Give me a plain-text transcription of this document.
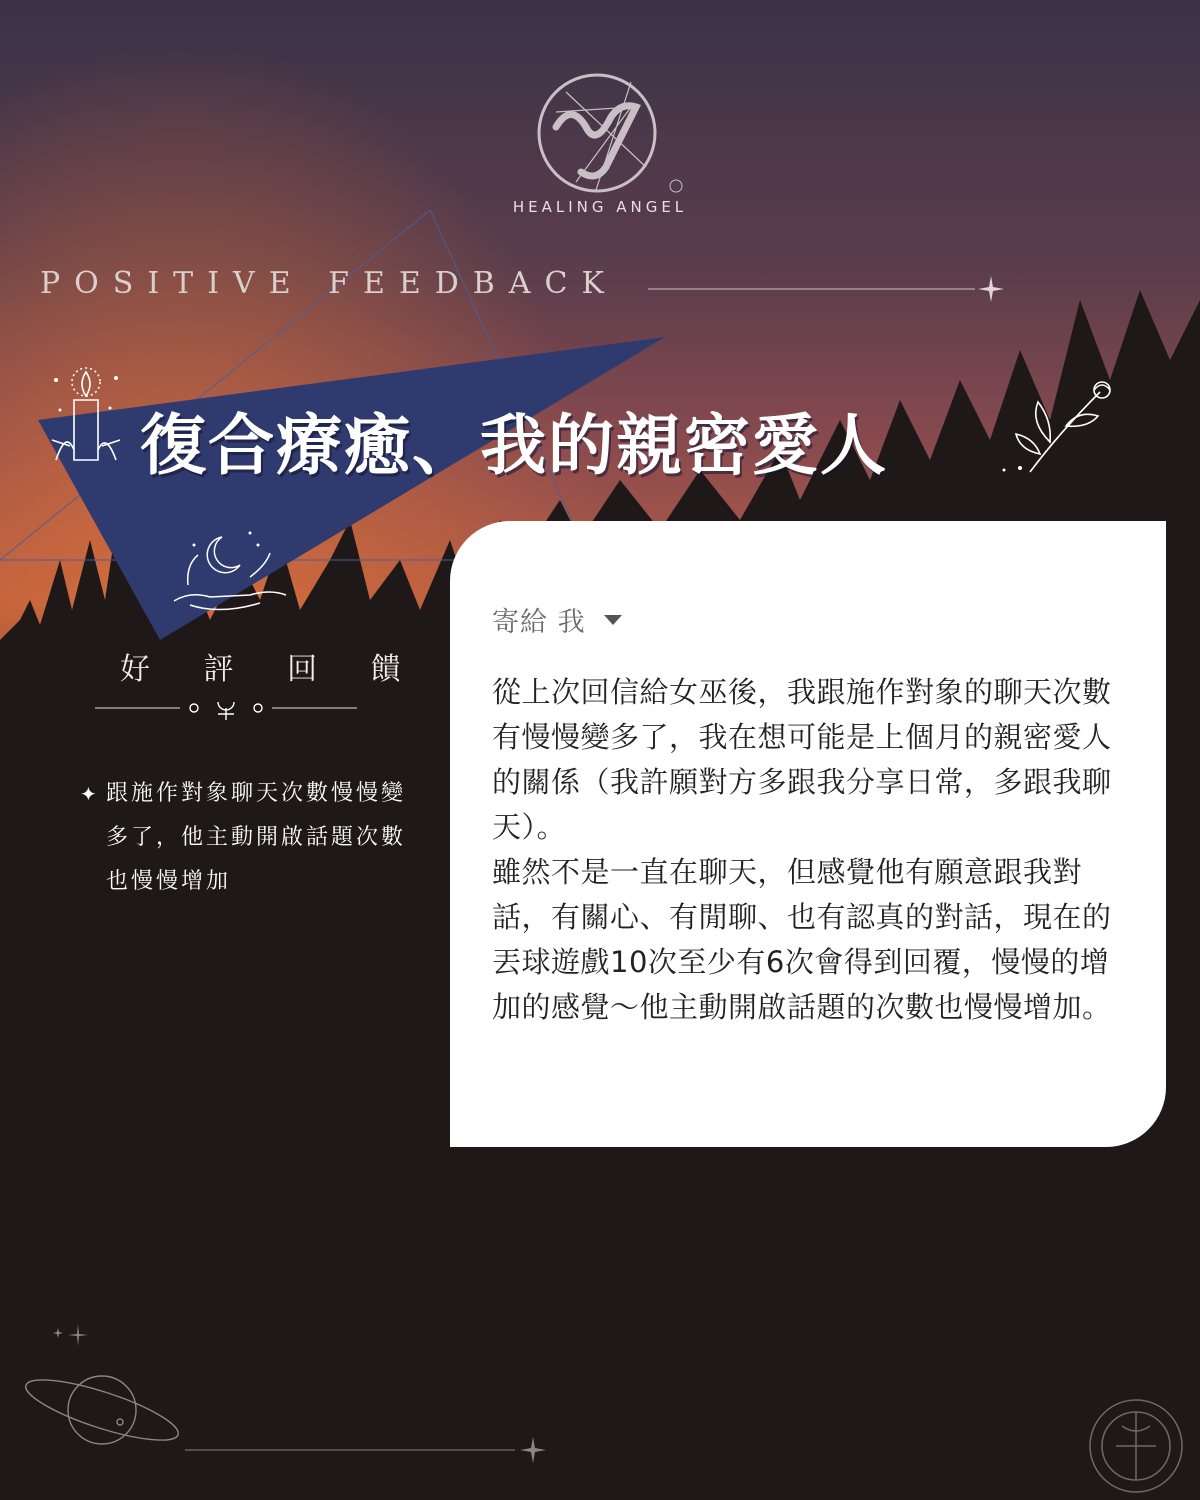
HEALING ANGEL
POSITIVE FEEDBACK
復合療癒、我的親密愛人
好 評 回 饋
✦ 跟施作對象聊天次數慢慢變多了，他主動開啟話題次數也慢慢增加
寄給 我

從上次回信給女巫後，我跟施作對象的聊天次數有慢慢變多了，我在想可能是上個月的親密愛人的關係（我許願對方多跟我分享日常，多跟我聊天）。

雖然不是一直在聊天，但感覺他有願意跟我對話，有關心、有閒聊、也有認真的對話，現在的丟球遊戲10次至少有6次會得到回覆，慢慢的增加的感覺～他主動開啟話題的次數也慢慢增加。
